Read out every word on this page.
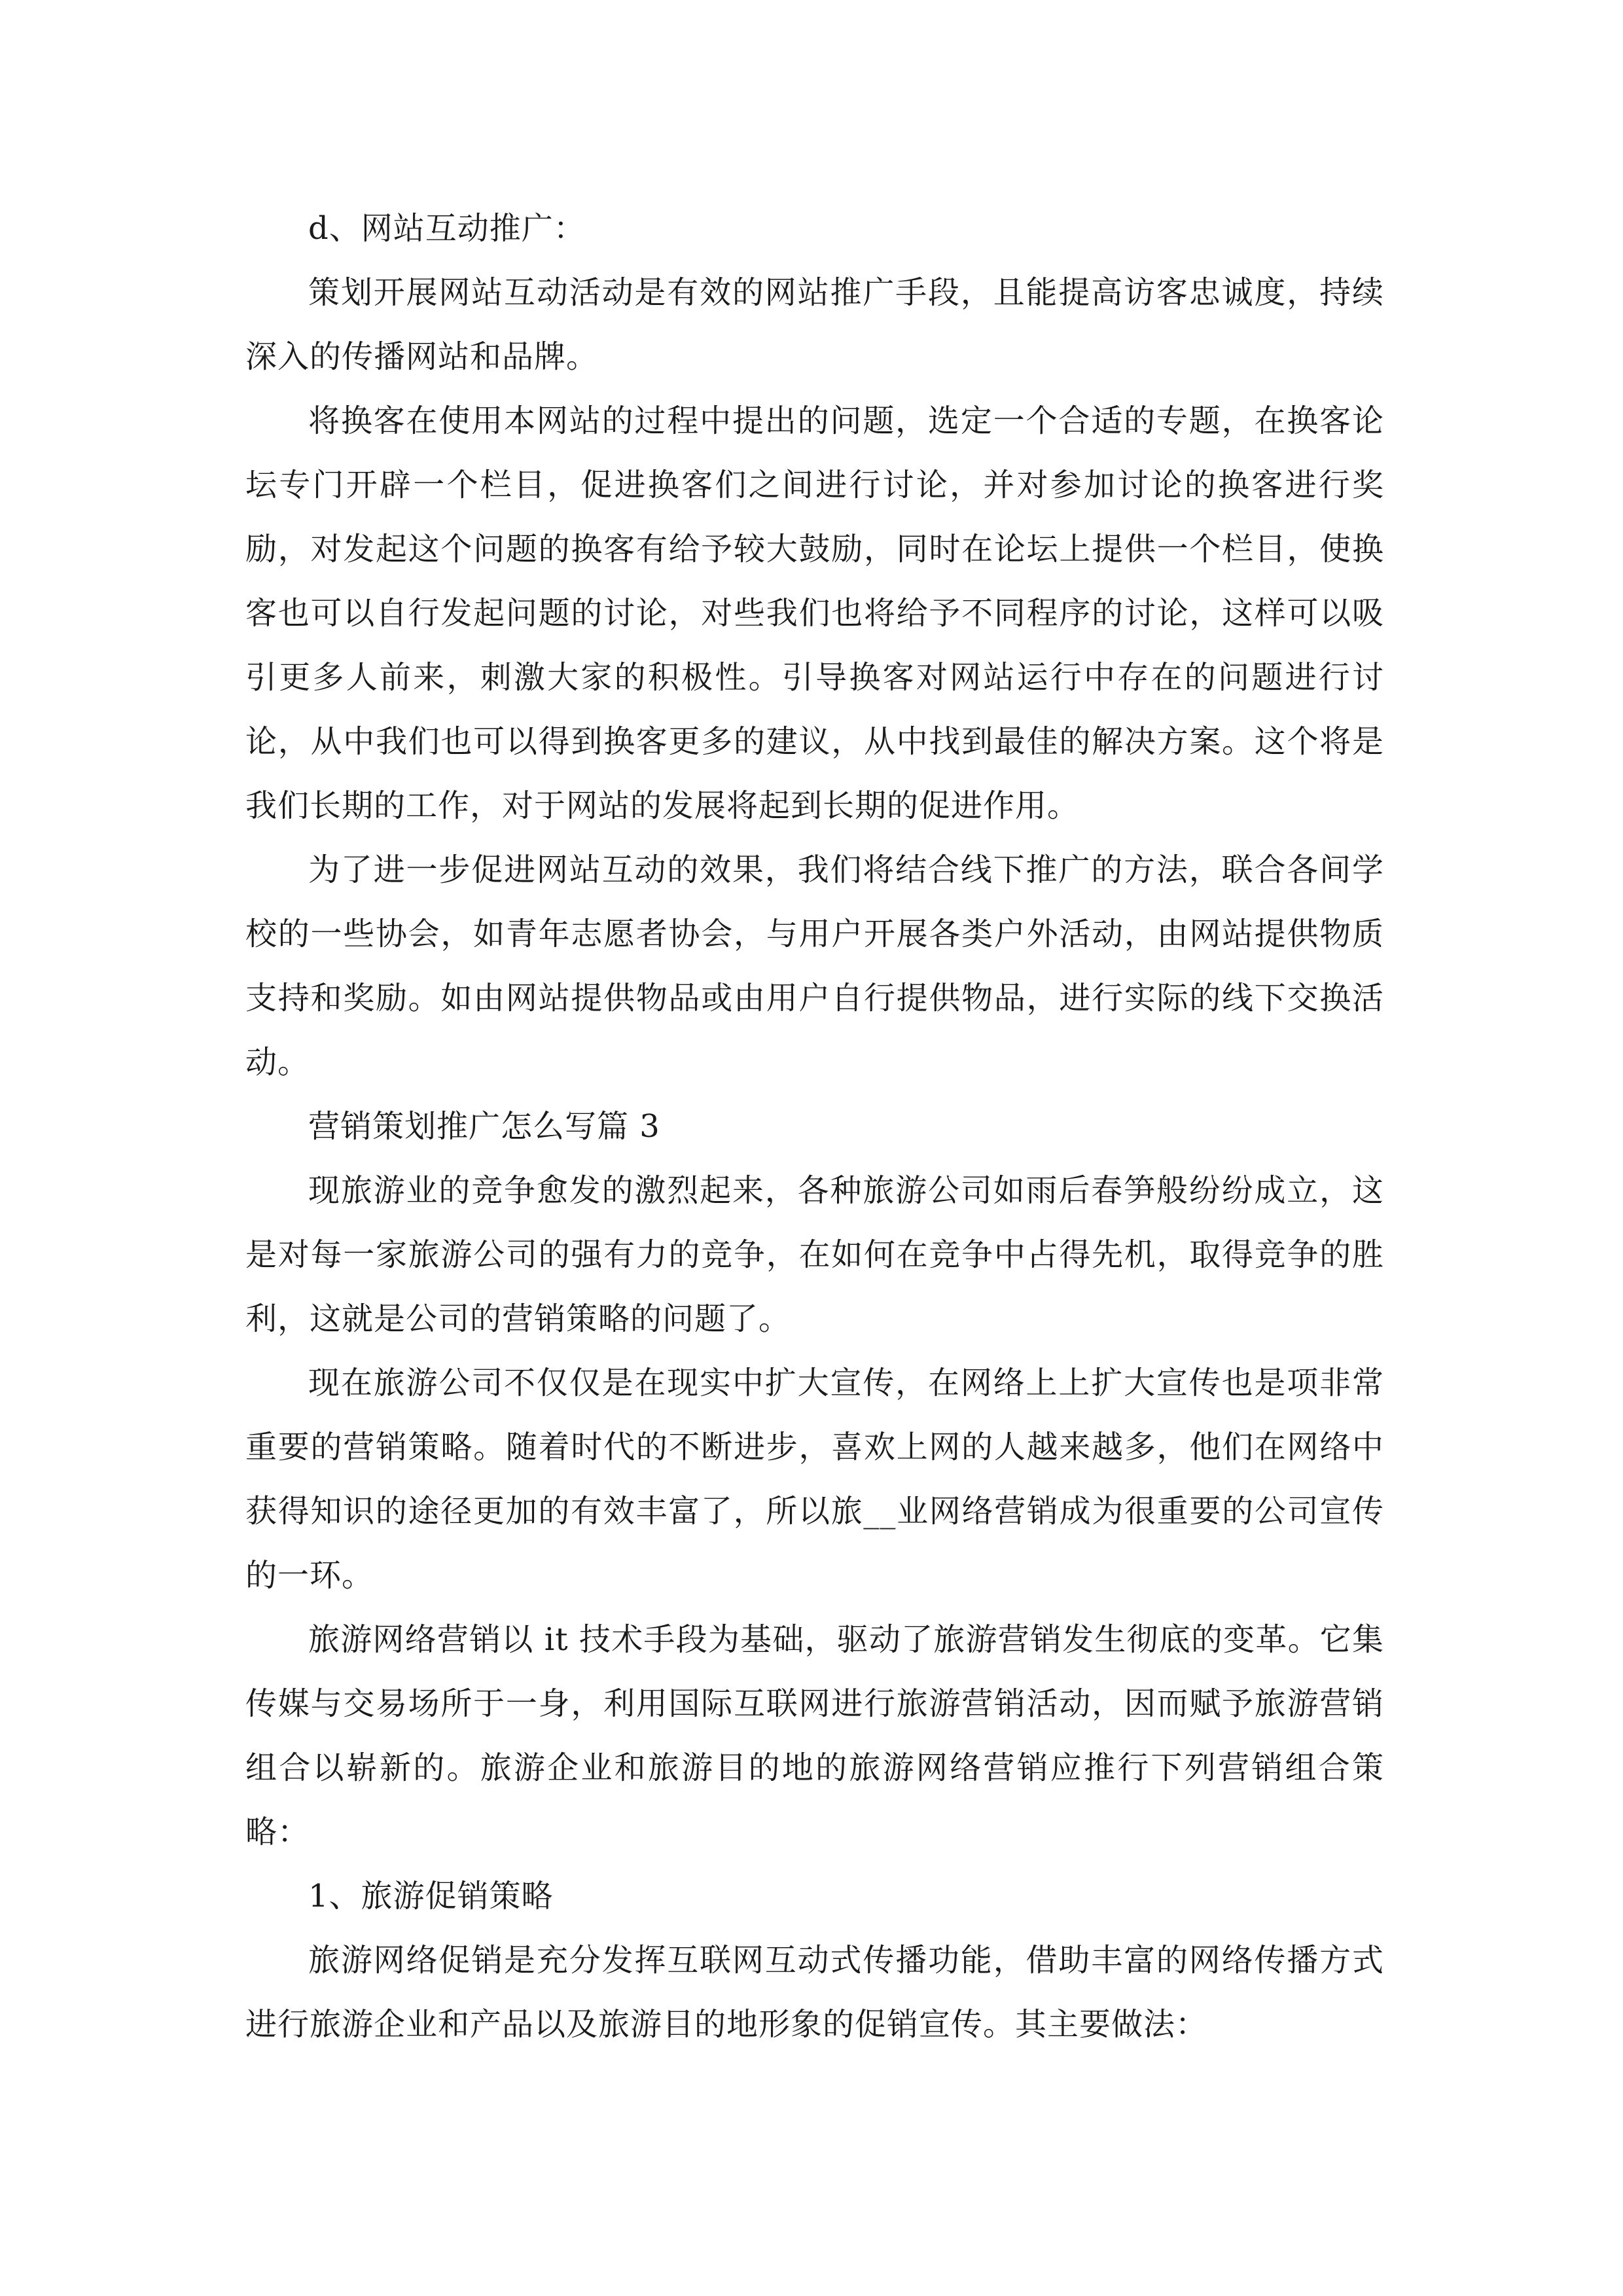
d、网站互动推广：

策划开展网站互动活动是有效的网站推广手段，且能提高访客忠诚度，持续深入的传播网站和品牌。

将换客在使用本网站的过程中提出的问题，选定一个合适的专题，在换客论坛专门开辟一个栏目，促进换客们之间进行讨论，并对参加讨论的换客进行奖励，对发起这个问题的换客有给予较大鼓励，同时在论坛上提供一个栏目，使换客也可以自行发起问题的讨论，对些我们也将给予不同程序的讨论，这样可以吸引更多人前来，刺激大家的积极性。引导换客对网站运行中存在的问题进行讨论，从中我们也可以得到换客更多的建议，从中找到最佳的解决方案。这个将是我们长期的工作，对于网站的发展将起到长期的促进作用。

为了进一步促进网站互动的效果，我们将结合线下推广的方法，联合各间学校的一些协会，如青年志愿者协会，与用户开展各类户外活动，由网站提供物质支持和奖励。如由网站提供物品或由用户自行提供物品，进行实际的线下交换活动。

营销策划推广怎么写篇 3

现旅游业的竞争愈发的激烈起来，各种旅游公司如雨后春笋般纷纷成立，这是对每一家旅游公司的强有力的竞争，在如何在竞争中占得先机，取得竞争的胜利，这就是公司的营销策略的问题了。

现在旅游公司不仅仅是在现实中扩大宣传，在网络上上扩大宣传也是项非常重要的营销策略。随着时代的不断进步，喜欢上网的人越来越多，他们在网络中获得知识的途径更加的有效丰富了，所以旅__业网络营销成为很重要的公司宣传的一环。

旅游网络营销以 it 技术手段为基础，驱动了旅游营销发生彻底的变革。它集传媒与交易场所于一身，利用国际互联网进行旅游营销活动，因而赋予旅游营销组合以崭新的。旅游企业和旅游目的地的旅游网络营销应推行下列营销组合策略：

1、旅游促销策略

旅游网络促销是充分发挥互联网互动式传播功能，借助丰富的网络传播方式进行旅游企业和产品以及旅游目的地形象的促销宣传。其主要做法：
